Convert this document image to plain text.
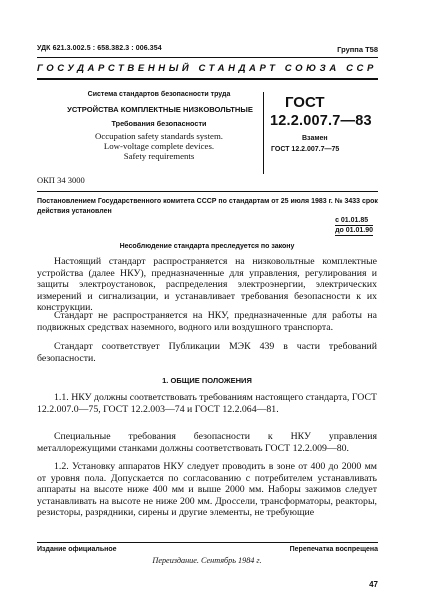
УДК 621.3.002.5 : 658.382.3 : 006.354	Группа Т58
ГОСУДАРСТВЕННЫЙ СТАНДАРТ СОЮЗА ССР
Система стандартов безопасности труда
УСТРОЙСТВА КОМПЛЕКТНЫЕ НИЗКОВОЛЬТНЫЕ
Требования безопасности
Occupation safety standards system.
Low-voltage complete devices.
Safety requirements
ГОСТ
12.2.007.7—83
Взамен
ГОСТ 12.2.007.7—75
ОКП 34 3000
Постановлением Государственного комитета СССР по стандартам от 25 июля 1983 г. № 3433 срок действия установлен
с 01.01.85
до 01.01.90
Несоблюдение стандарта преследуется по закону

Настоящий стандарт распространяется на низковольтные комплектные устройства (далее НКУ), предназначенные для управления, регулирования и защиты электроустановок, распределения электроэнергии, электрических измерений и сигнализации, и устанавливает требования безопасности к их конструкции.

Стандарт не распространяется на НКУ, предназначенные для работы на подвижных средствах наземного, водного или воздушного транспорта.

Стандарт соответствует Публикации МЭК 439 в части требований безопасности.

1. ОБЩИЕ ПОЛОЖЕНИЯ

1.1. НКУ должны соответствовать требованиям настоящего стандарта, ГОСТ 12.2.007.0—75, ГОСТ 12.2.003—74 и ГОСТ 12.2.064—81.

Специальные требования безопасности к НКУ управления металлорежущими станками должны соответствовать ГОСТ 12.2.009—80.

1.2. Установку аппаратов НКУ следует проводить в зоне от 400 до 2000 мм от уровня пола. Допускается по согласованию с потребителем устанавливать аппараты на высоте ниже 400 мм и выше 2000 мм. Наборы зажимов следует устанавливать на высоте не ниже 200 мм. Дроссели, трансформаторы, реакторы, резисторы, разрядники, сирены и другие элементы, не требующие

Издание официальное	Перепечатка воспрещена
Переиздание. Сентябрь 1984 г.
47
